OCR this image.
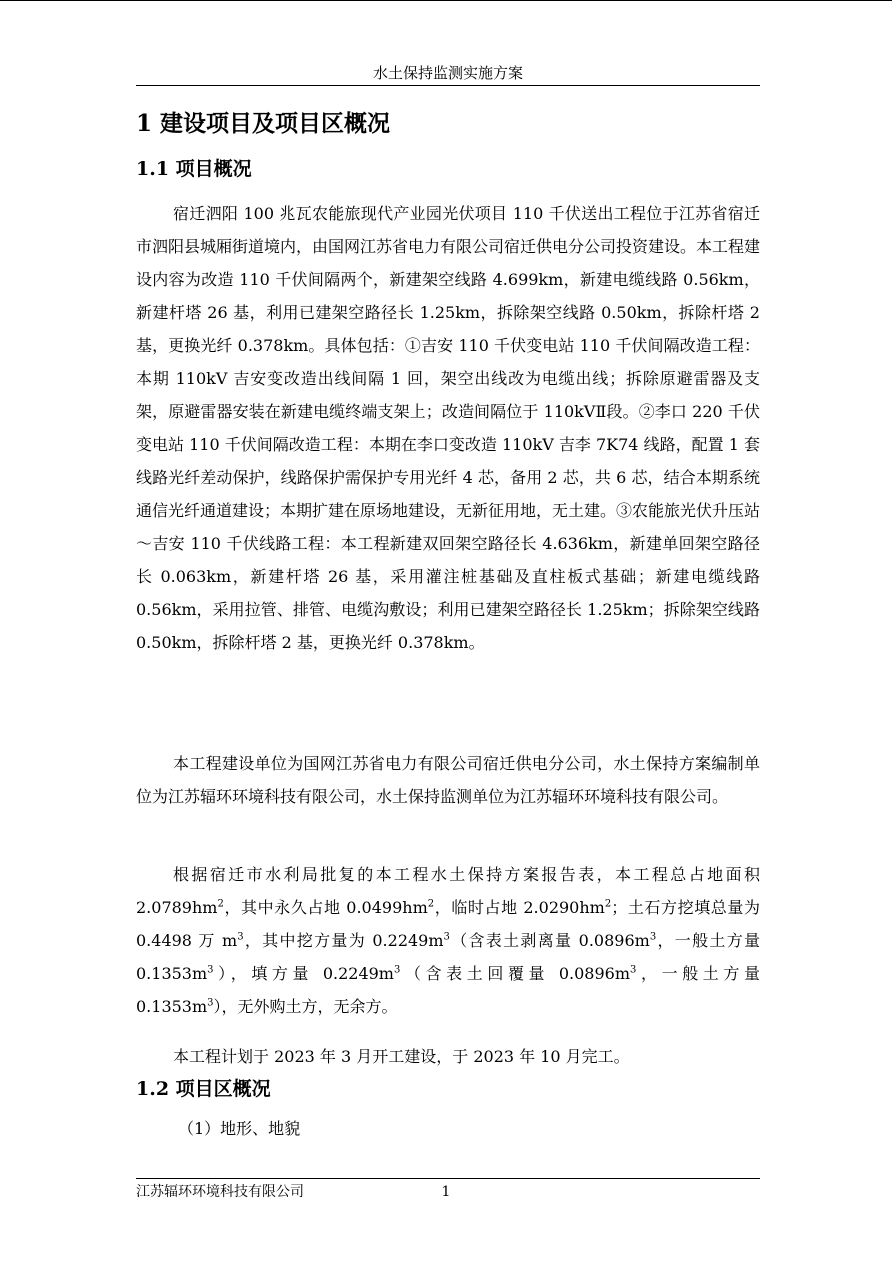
水土保持监测实施方案
1 建设项目及项目区概况
1.1 项目概况

宿迁泗阳 100 兆瓦农能旅现代产业园光伏项目 110 千伏送出工程位于江苏省宿迁市泗阳县城厢街道境内，由国网江苏省电力有限公司宿迁供电分公司投资建设。本工程建设内容为改造 110 千伏间隔两个，新建架空线路 4.699km，新建电缆线路 0.56km，新建杆塔 26 基，利用已建架空路径长 1.25km，拆除架空线路 0.50km，拆除杆塔 2 基，更换光纤 0.378km。具体包括：①吉安 110 千伏变电站 110 千伏间隔改造工程：本期 110kV 吉安变改造出线间隔 1 回，架空出线改为电缆出线；拆除原避雷器及支架，原避雷器安装在新建电缆终端支架上；改造间隔位于 110kVⅡ段。②李口 220 千伏变电站 110 千伏间隔改造工程：本期在李口变改造 110kV 吉李 7K74 线路，配置 1 套线路光纤差动保护，线路保护需保护专用光纤 4 芯，备用 2 芯，共 6 芯，结合本期系统通信光纤通道建设；本期扩建在原场地建设，无新征用地，无土建。③农能旅光伏升压站～吉安 110 千伏线路工程：本工程新建双回架空路径长 4.636km，新建单回架空路径长 0.063km，新建杆塔 26 基，采用灌注桩基础及直柱板式基础；新建电缆线路 0.56km，采用拉管、排管、电缆沟敷设；利用已建架空路径长 1.25km；拆除架空线路 0.50km，拆除杆塔 2 基，更换光纤 0.378km。

本工程建设单位为国网江苏省电力有限公司宿迁供电分公司，水土保持方案编制单位为江苏辐环环境科技有限公司，水土保持监测单位为江苏辐环环境科技有限公司。

根据宿迁市水利局批复的本工程水土保持方案报告表，本工程总占地面积 $2.0789hm^2$，其中永久占地 $0.0499hm^2$，临时占地 $2.0290hm^2$；土石方挖填总量为 0.4498 万 $m^3$，其中挖方量为 $0.2249m^3$（含表土剥离量 $0.0896m^3$，一般土方量 $0.1353m^3$），填方量 $0.2249m^3$（含表土回覆量 $0.0896m^3$，一般土方量 $0.1353m^3$），无外购土方，无余方。

本工程计划于 2023 年 3 月开工建设，于 2023 年 10 月完工。

1.2 项目区概况
（1）地形、地貌
江苏辐环环境科技有限公司	1
